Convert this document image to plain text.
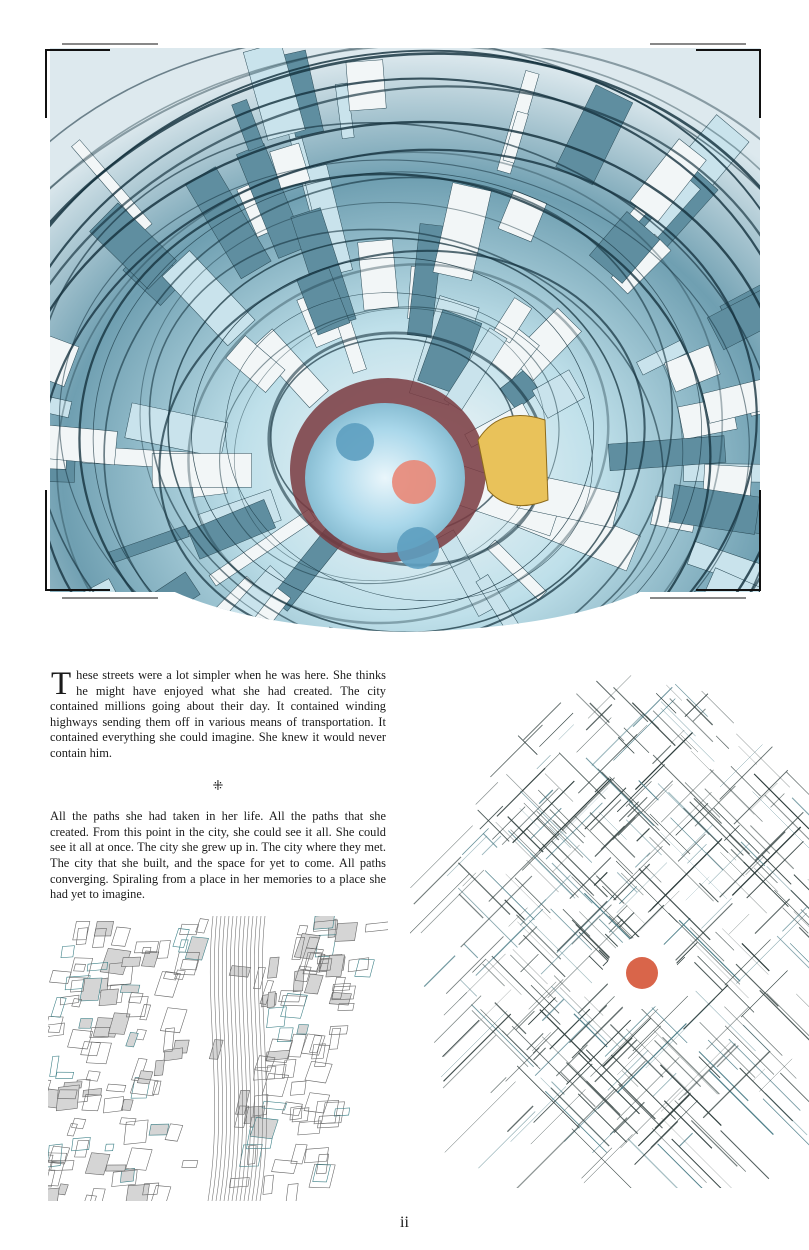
These streets were a lot simpler when he was here. She thinks he might have enjoyed what she had created. The city contained millions going about their day. It contained winding highways sending them off in various means of transportation. It contained everything she could imagine. She knew it would never contain him.

⁜

All the paths she had taken in her life. All the paths that she created. From this point in the city, she could see it all. She could see it all at once. The city she grew up in. The city where they met. The city that she built, and the space for yet to come. All paths converging. Spiraling from a place in her memories to a place she had yet to imagine.

ii
